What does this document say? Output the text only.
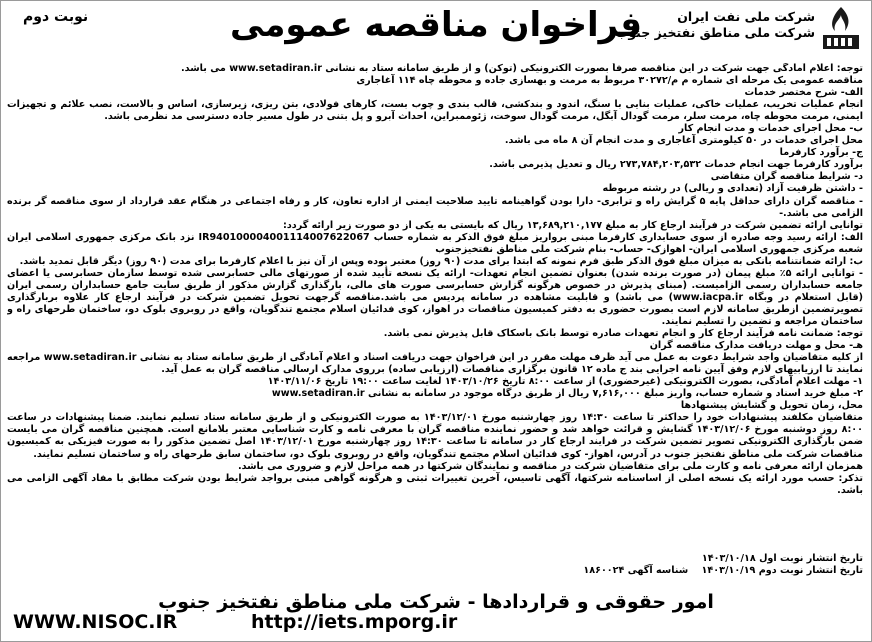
شرکت ملی نفت ایران
شرکت ملی مناطق نفتخیز جنوب
فراخوان مناقصه عمومی
نوبت دوم

توجه: اعلام آمادگی جهت شرکت در این مناقصه صرفاً بصورت الکترونیکی (توکن) و از طریق سامانه ستاد به نشانی www.setadiran.ir می باشد.

مناقصه عمومی یک مرحله ای شماره م م/۳۰۲۷۲ مربوط به مرمت و بهسازی جاده و محوطه چاه ۱۱۴ آغاجاری

الف- شرح مختصر خدمات

انجام عملیات تخریب، عملیات خاکی، عملیات بنایی با سنگ، اندود و بندکشی، قالب بندی و چوب بست، کارهای فولادی، بتن ریزی، زیرسازی، اساس و بالاست، نصب علائم و تجهیزات ایمنی، مرمت محوطه چاه، مرمت سلر، مرمت گودال آبگل، مرمت گودال سوخت، ژئوممبراین، احداث آبرو و پل بتنی در طول مسیر جاده دسترسی مد نظرمی باشد.

ب- محل اجرای خدمات و مدت انجام کار

محل اجرای خدمات در ۵۰ کیلومتری آغاجاری و مدت انجام آن ۸ ماه می باشد.

ج- برآورد کارفرما

برآورد کارفرما جهت انجام خدمات ۲۷۳,۷۸۴,۲۰۳,۵۳۲ ریال و تعدیل پذیرمی باشد.

د- شرایط مناقصه گران متقاضی

- داشتن ظرفیت آزاد (تعدادی و ریالی) در رشته مربوطه

- مناقصه گران دارای حداقل پایه ۵ گرایش راه و ترابری- دارا بودن گواهینامه تایید صلاحیت ایمنی از اداره تعاون، کار و رفاه اجتماعی در هنگام عقد قرارداد از سوی مناقصه گر برنده الزامی می باشد.-

توانایی ارائه تضمین شرکت در فرآیند ارجاع کار به مبلغ ۱۳,۶۸۹,۲۱۰,۱۷۷ ریال که بایستی به یکی از دو صورت زیر ارائه گردد:

الف: ارائه رسید وجه صادره از سوی حسابداری کارفرما مبنی برواریز مبلغ فوق الذکر به شماره حساب IR940100004001114007622067 نزد بانک مرکزی جمهوری اسلامی ایران شعبه مرکزی جمهوری اسلامی ایران- اهوازک- حساب- بنام شرکت ملی مناطق نفتخیزجنوب

ب: ارائه ضمانتنامه بانکی به میزان مبلغ فوق الذکر طبق فرم نمونه که ابتدا برای مدت (۹۰ روز) معتبر بوده وپس از آن نیز با اعلام کارفرما برای مدت (۹۰ روز) دیگر قابل تمدید باشد.

- توانایی ارائه ۵٪ مبلغ پیمان (در صورت برنده شدن) بعنوان تضمین انجام تعهدات- ارائه یک نسخه تأیید شده از صورتهای مالی حسابرسی شده توسط سازمان حسابرسی یا اعضای جامعه حسابداران رسمی الزامیست. (مبنای پذیرش در خصوص هرگونه گزارش حسابرسی صورت های مالی، بارگذاری گزارش مذکور از طریق سایت جامع حسابداران رسمی ایران (قابل استعلام در وبگاه www.iacpa.ir) می باشد) و قابلیت مشاهده در سامانه پردیس می باشد.مناقصه گرجهت تحویل تضمین شرکت در فرآیند ارجاع کار علاوه بربارگذاری تصویرتضمین ازطریق سامانه لازم است بصورت حضوری به دفتر کمیسیون مناقصات در اهواز، کوی فدائیان اسلام مجتمع تندگویان، واقع در روبروی بلوک دو، ساختمان طرحهای راه و ساختمان مراجعه و تضمین را تسلیم نمایند.

توجه: ضمانت نامه فرآیند ارجاع کار و انجام تعهدات صادره توسط بانک باسکاک قابل پذیرش نمی باشد.

هـ- محل و مهلت دریافت مدارک مناقصه گران

از کلیه متقاضیان واجد شرایط دعوت به عمل می آید ظرف مهلت مقرر در این فراخوان جهت دریافت اسناد و اعلام آمادگی از طریق سامانه ستاد به نشانی www.setadiran.ir مراجعه نمایند تا ارزیابیهای لازم وفق آیین نامه اجرایی بند ج ماده ۱۲ قانون برگزاری مناقصات (ارزیابی ساده) برروی مدارک ارسالی مناقصه گران به عمل آید.

۱- مهلت اعلام آمادگی، بصورت الکترونیکی (غیرحضوری) از ساعت ۸:۰۰ تاریخ ۱۴۰۳/۱۰/۲۶ لغایت ساعت ۱۹:۰۰ تاریخ ۱۴۰۳/۱۱/۰۶

۲- مبلغ خرید اسناد و شماره حساب، واریز مبلغ ۷,۶۱۶,۰۰۰ ریال از طریق درگاه موجود در سامانه به نشانی www.setadiran.ir

محل، زمان تحویل و گشایش پیشنهادها

متقاضیان مکلفند پیشنهادات خود را حداکثر تا ساعت ۱۴:۳۰ روز چهارشنبه مورخ ۱۴۰۳/۱۲/۰۱ به صورت الکترونیکی و از طریق سامانه ستاد تسلیم نمایند. ضمنا پیشنهادات در ساعت ۸:۰۰ روز دوشنبه مورخ ۱۴۰۳/۱۲/۰۶ گشایش و قرائت خواهد شد و حضور نماینده مناقصه گران با معرفی نامه و کارت شناسایی معتبر بلامانع است. همچنین مناقصه گران می بایست ضمن بارگذاری الکترونیکی تصویر تضمین شرکت در فرایند ارجاع کار در سامانه تا ساعت ۱۴:۳۰ روز چهارشنبه مورخ ۱۴۰۳/۱۲/۰۱ اصل تضمین مذکور را به صورت فیزیکی به کمیسیون مناقصات شرکت ملی مناطق نفتخیز جنوب در آدرس، اهواز- کوی فدائیان اسلام مجتمع تندگویان، واقع در روبروی بلوک دو، ساختمان سابق طرحهای راه و ساختمان تسلیم نمایند.

همزمان ارائه معرفی نامه و کارت ملی برای متقاضیان شرکت در مناقصه و نمایندگان شرکتها در همه مراحل لازم و ضروری می باشد.

تذکر: حسب مورد ارائه یک نسخه اصلی از اساسنامه شرکتها، آگهی تاسیس، آخرین تغییرات ثبتی و هرگونه گواهی مبنی برواجد شرایط بودن شرکت مطابق با مفاد آگهی الزامی می باشد.

تاریخ انتشار نوبت اول ۱۴۰۳/۱۰/۱۸
تاریخ انتشار نوبت دوم ۱۴۰۳/۱۰/۱۹    شناسه آگهی ۱۸۶۰۰۲۴
امور حقوقی و قراردادها - شرکت ملی مناطق نفتخیز جنوب
WWW.NISOC.IR	http://iets.mporg.ir
